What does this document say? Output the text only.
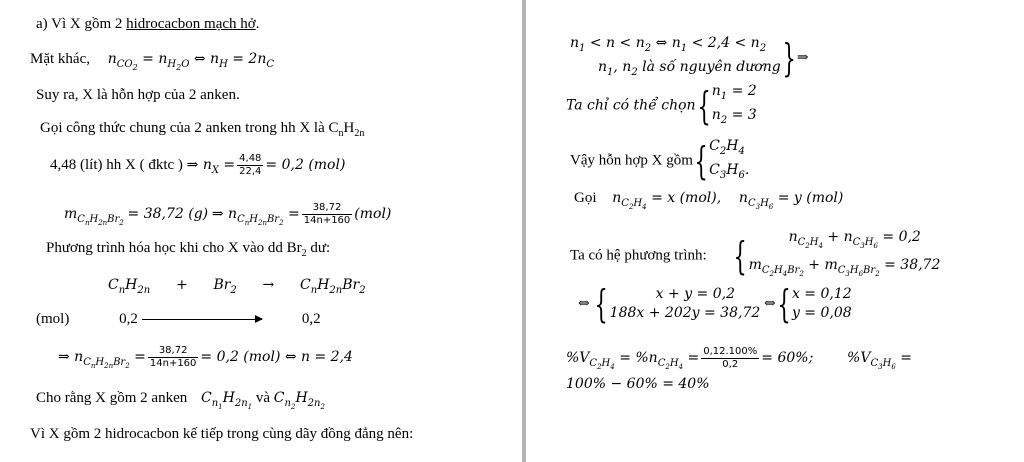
a) Vì X gồm 2 hidrocacbon mạch hở.
Mặt khác, $n_{CO_2} = n_{H_2O}$ ⇔ $n_H = 2n_C$
Suy ra, X là hỗn hợp của 2 anken.
Gọi công thức chung của 2 anken trong hh X là $C_nH_{2n}$
4,48 (lít) hh X ( đktc ) ⇒ $n_X = \frac{4,48}{22,4} = 0,2$ (mol)
$m_{C_nH_{2n}Br_2} = 38,72$ (g) ⇒ $n_{C_nH_{2n}Br_2} = \frac{38,72}{14n+160} (mol)$
Phương trình hóa học khi cho X vào dd $Br_2$ dư:
$C_nH_{2n} + Br_2 \to C_nH_{2n}Br_2$
(mol)	0,2	0,2
⇒ $n_{C_nH_{2n}Br_2} = \frac{38,72}{14n+160} = 0,2$ (mol) ⇔ n = 2,4
Cho rằng X gồm 2 anken $C_{n_1}H_{2n_1}$ và $C_{n_2}H_{2n_2}$
Vì X gồm 2 hidrocacbon kế tiếp trong cùng dãy đồng đẳng nên:
$n_1 < n < n_2$ ⇔ $n_1 < 2,4 < n_2$
$n_1$, $n_2$ là số nguyên dương }⇒
Ta chỉ có thể chọn{ $n_1 = 2$
$n_2 = 3$
Vậy hỗn hợp X gồm{ $C_2H_4$
$C_3H_6$.
Gọi $n_{C_2H_4} = x$ (mol), $n_{C_3H_6} = y$ (mol)
Ta có hệ phương trình: {	$n_{C_2H_4} + n_{C_3H_6} = 0,2$
$m_{C_2H_4Br_2} + m_{C_3H_6Br_2} = 38,72$
⇔ {	x + y = 0,2
188x + 202y = 38,72
⇔{ x = 0,12
y = 0,08
$\%V_{C_2H_4} = \%n_{C_2H_4} = \frac{0,12.100\%}{0,2} = 60\%$; $\%V_{C_3H_6}$ =
100% − 60% = 40%
